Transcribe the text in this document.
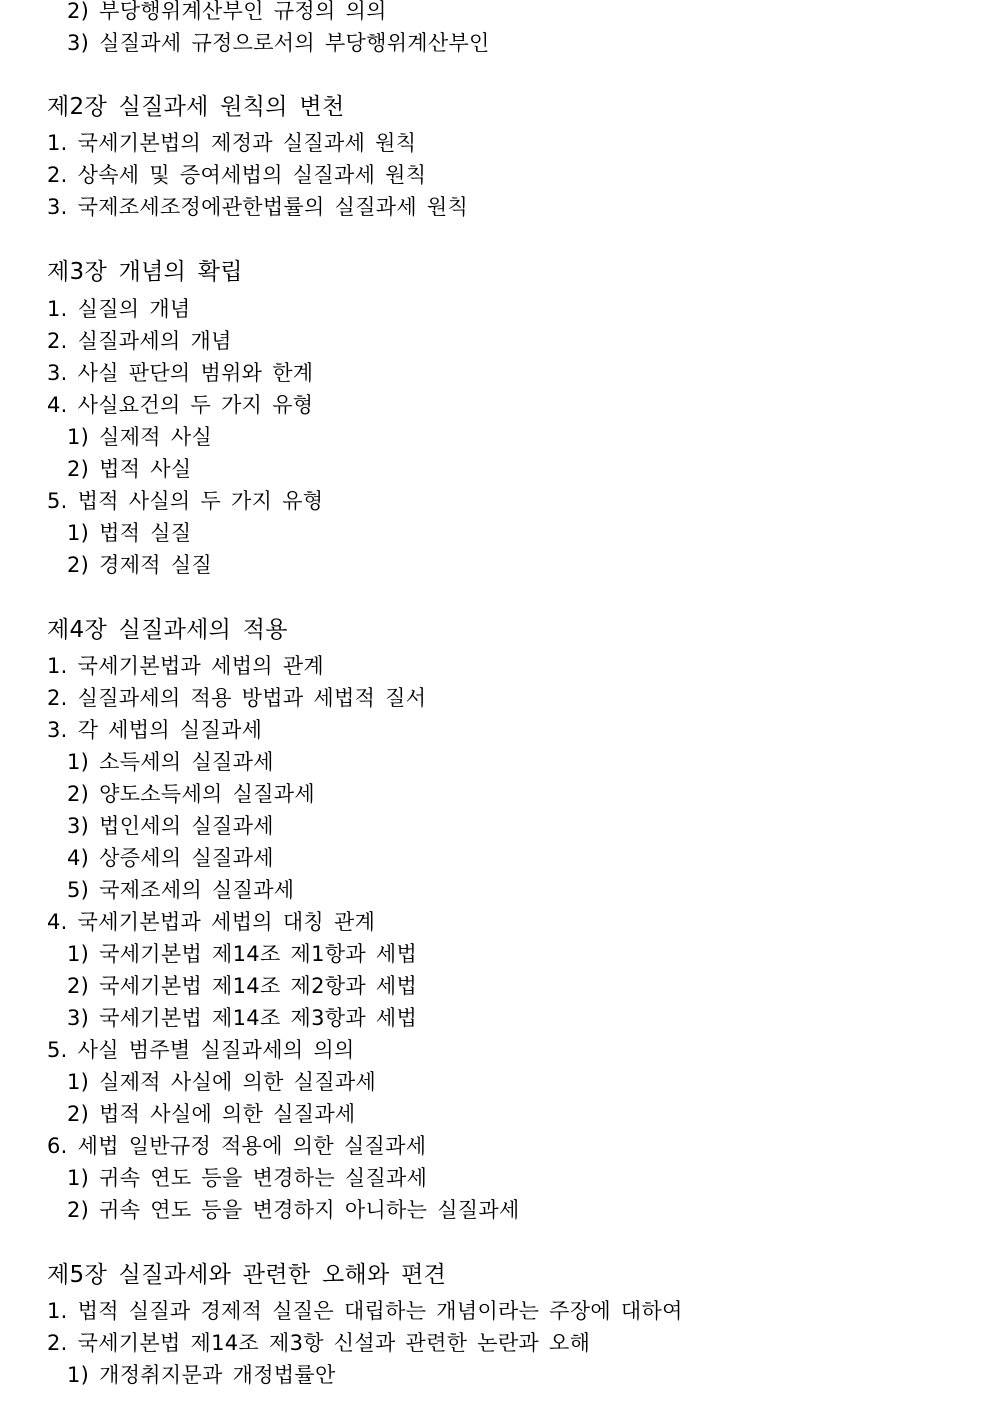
2) 부당행위계산부인 규정의 의의
3) 실질과세 규정으로서의 부당행위계산부인
제2장 실질과세 원칙의 변천
1. 국세기본법의 제정과 실질과세 원칙
2. 상속세 및 증여세법의 실질과세 원칙
3. 국제조세조정에관한법률의 실질과세 원칙
제3장 개념의 확립
1. 실질의 개념
2. 실질과세의 개념
3. 사실 판단의 범위와 한계
4. 사실요건의 두 가지 유형
1) 실제적 사실
2) 법적 사실
5. 법적 사실의 두 가지 유형
1) 법적 실질
2) 경제적 실질
제4장 실질과세의 적용
1. 국세기본법과 세법의 관계
2. 실질과세의 적용 방법과 세법적 질서
3. 각 세법의 실질과세
1) 소득세의 실질과세
2) 양도소득세의 실질과세
3) 법인세의 실질과세
4) 상증세의 실질과세
5) 국제조세의 실질과세
4. 국세기본법과 세법의 대칭 관계
1) 국세기본법 제14조 제1항과 세법
2) 국세기본법 제14조 제2항과 세법
3) 국세기본법 제14조 제3항과 세법
5. 사실 범주별 실질과세의 의의
1) 실제적 사실에 의한 실질과세
2) 법적 사실에 의한 실질과세
6. 세법 일반규정 적용에 의한 실질과세
1) 귀속 연도 등을 변경하는 실질과세
2) 귀속 연도 등을 변경하지 아니하는 실질과세
제5장 실질과세와 관련한 오해와 편견
1. 법적 실질과 경제적 실질은 대립하는 개념이라는 주장에 대하여
2. 국세기본법 제14조 제3항 신설과 관련한 논란과 오해
1) 개정취지문과 개정법률안
